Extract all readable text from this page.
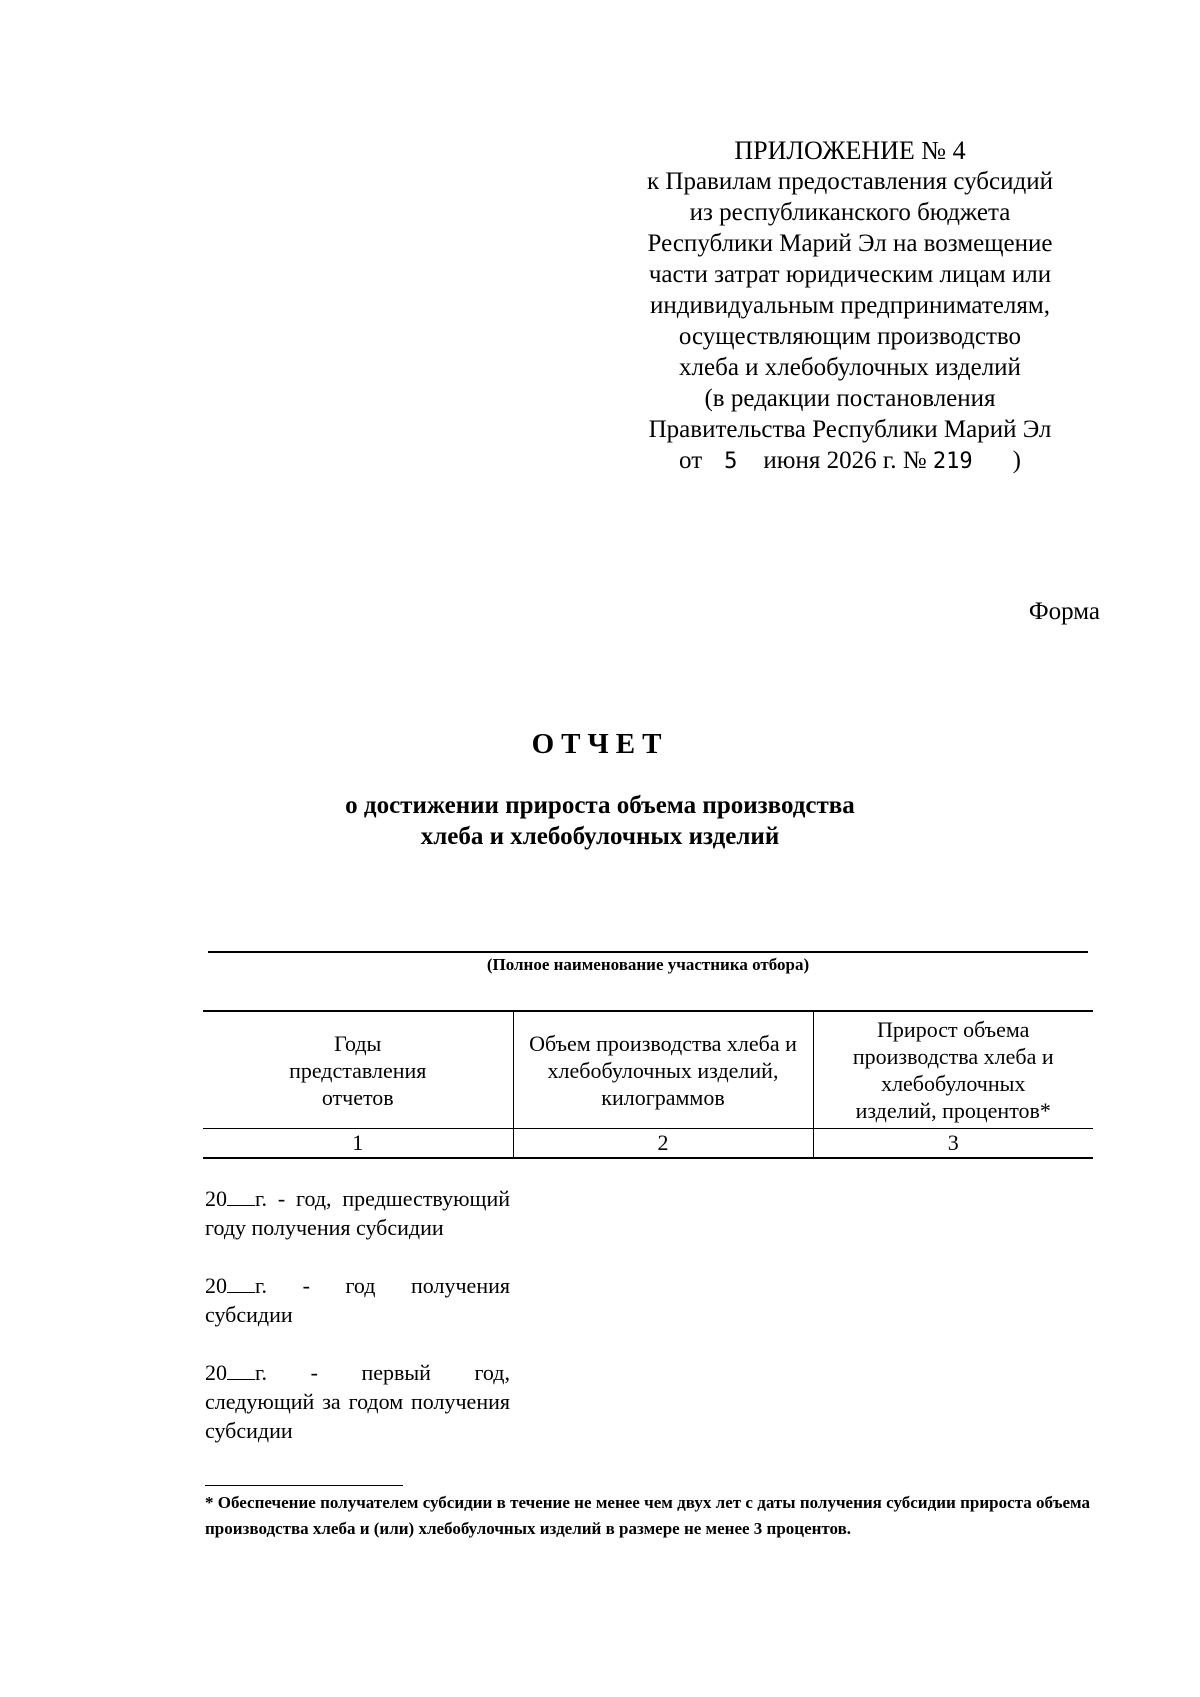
ПРИЛОЖЕНИЕ № 4
к Правилам предоставления субсидий
из республиканского бюджета
Республики Марий Эл на возмещение
части затрат юридическим лицам или
индивидуальным предпринимателям,
осуществляющим производство
хлеба и хлебобулочных изделий
(в редакции постановления
Правительства Республики Марий Эл
от 5 июня 2026 г. № 219 )
Форма
ОТЧЕТ
о достижении прироста объема производства
хлеба и хлебобулочных изделий
(Полное наименование участника отбора)
Годы представления отчетов	Объем производства хлеба и хлебобулочных изделий, килограммов	Прирост объема производства хлеба и хлебобулочных изделий, процентов*

1	2	3
20 г. - год, предшествующий году получения субсидии
20 г. - год получения субсидии
20 г. - первый год, следующий за годом получения субсидии
* Обеспечение получателем субсидии в течение не менее чем двух лет с даты получения субсидии прироста объема производства хлеба и (или) хлебобулочных изделий в размере не менее 3 процентов.
